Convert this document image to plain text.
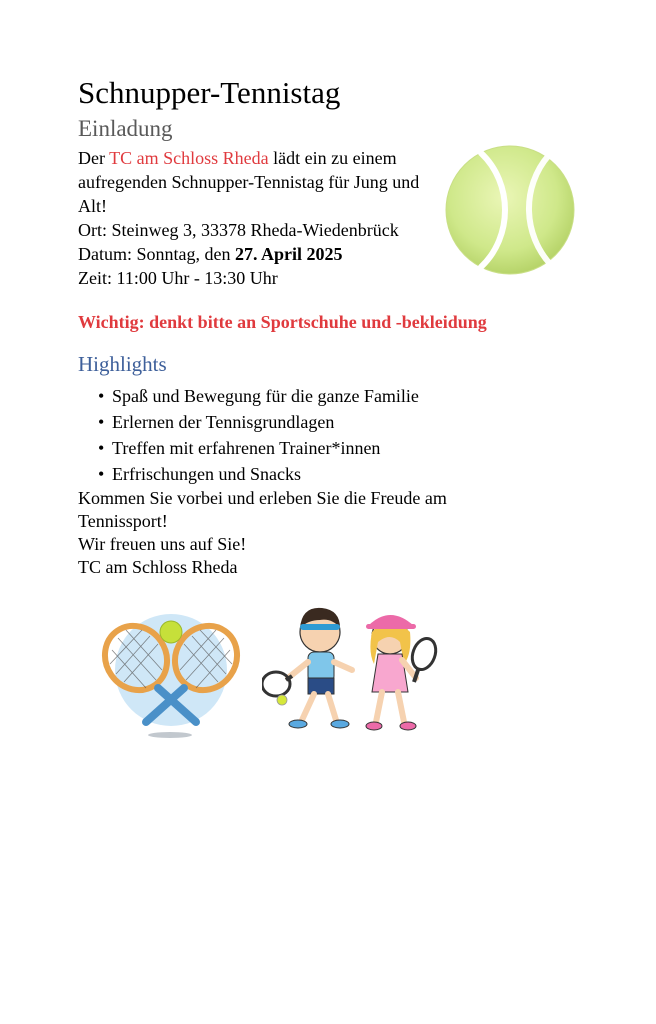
Schnupper-Tennistag
Einladung
Der TC am Schloss Rheda lädt ein zu einem aufregenden Schnupper-Tennistag für Jung und Alt!
Ort: Steinweg 3, 33378 Rheda-Wiedenbrück
Datum: Sonntag, den 27. April 2025
Zeit: 11:00 Uhr - 13:30 Uhr
Wichtig: denkt bitte an Sportschuhe und -bekleidung
Highlights
• Spaß und Bewegung für die ganze Familie
• Erlernen der Tennisgrundlagen
• Treffen mit erfahrenen Trainer*innen
• Erfrischungen und Snacks
Kommen Sie vorbei und erleben Sie die Freude am Tennissport!
Wir freuen uns auf Sie!
TC am Schloss Rheda
